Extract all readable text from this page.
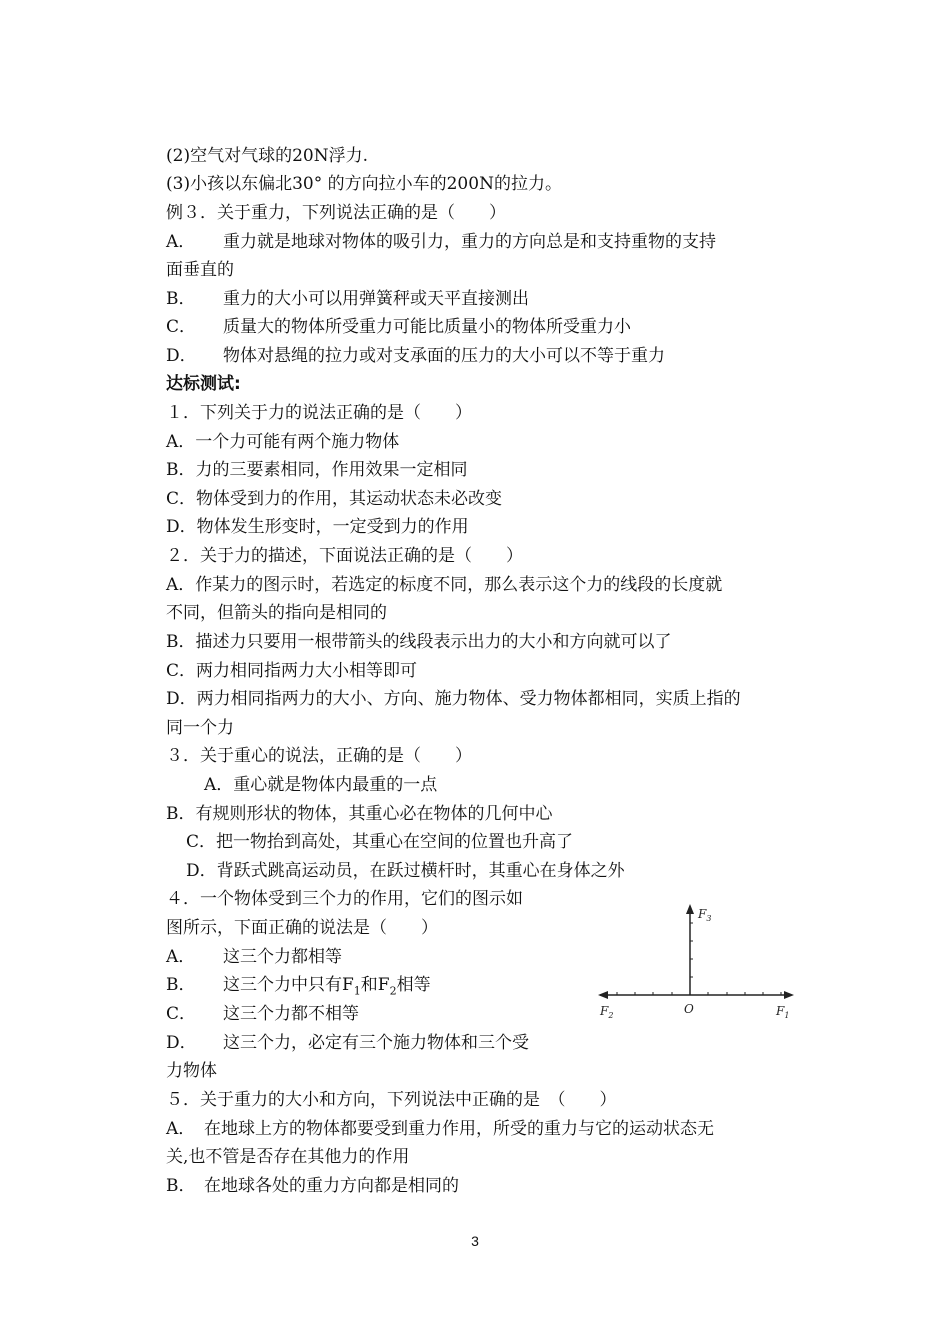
(2)空气对气球的20N浮力.
(3)小孩以东偏北30° 的方向拉小车的200N的拉力。
例３．关于重力，下列说法正确的是（　　）
A． 重力就是地球对物体的吸引力，重力的方向总是和支持重物的支持
面垂直的
B． 重力的大小可以用弹簧秤或天平直接测出
C． 质量大的物体所受重力可能比质量小的物体所受重力小
D． 物体对悬绳的拉力或对支承面的压力的大小可以不等于重力
达标测试:
１．下列关于力的说法正确的是（　　）
A．一个力可能有两个施力物体
B．力的三要素相同，作用效果一定相同
C．物体受到力的作用，其运动状态未必改变
D．物体发生形变时，一定受到力的作用
２．关于力的描述，下面说法正确的是（　　）
A．作某力的图示时，若选定的标度不同，那么表示这个力的线段的长度就
不同，但箭头的指向是相同的
B．描述力只要用一根带箭头的线段表示出力的大小和方向就可以了
C．两力相同指两力大小相等即可
D．两力相同指两力的大小、方向、施力物体、受力物体都相同，实质上指的
同一个力
３．关于重心的说法，正确的是（　　）
A．重心就是物体内最重的一点
B．有规则形状的物体，其重心必在物体的几何中心
C．把一物抬到高处，其重心在空间的位置也升高了
D．背跃式跳高运动员，在跃过横杆时，其重心在身体之外
４．一个物体受到三个力的作用，它们的图示如
图所示，下面正确的说法是（　　）
A． 这三个力都相等
B． 这三个力中只有$F_1$和$F_2$相等
C． 这三个力都不相等
D． 这三个力，必定有三个施力物体和三个受
力物体
$F_3$
$F_2$	O	$F_1$
５．关于重力的大小和方向，下列说法中正确的是　（　　）
A． 在地球上方的物体都要受到重力作用，所受的重力与它的运动状态无
关,也不管是否存在其他力的作用
B． 在地球各处的重力方向都是相同的
3
